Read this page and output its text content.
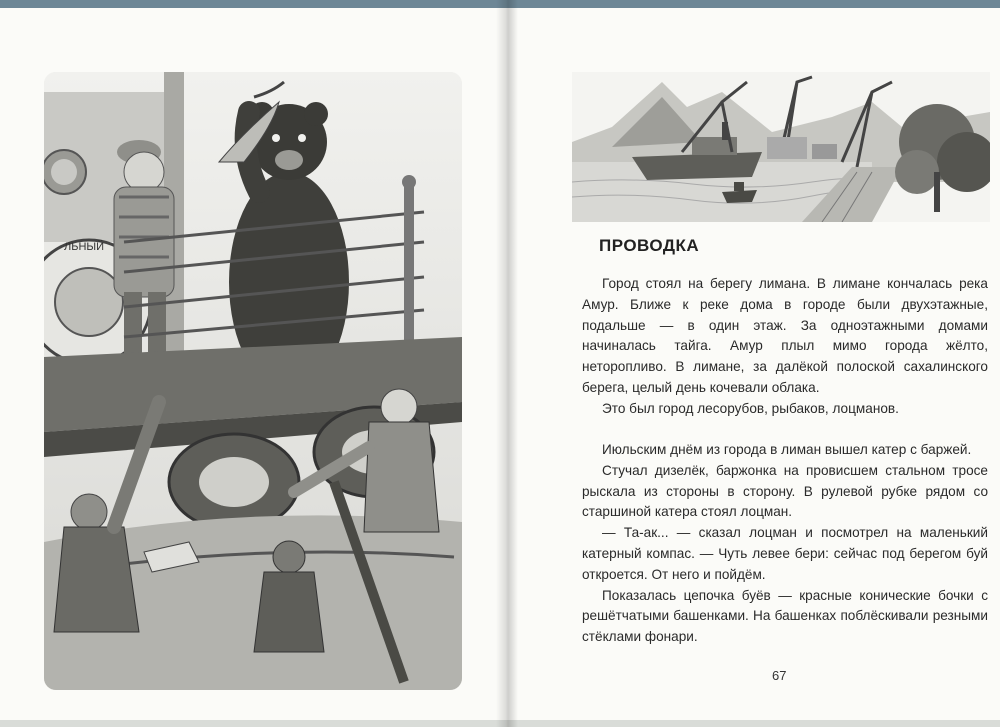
ЛЬНЫЙ	ПРОВОДКА

Город стоял на берегу лимана. В лимане кончалась река Амур. Ближе к реке дома в городе были двухэтажные, подальше — в один этаж. За одноэтажными домами начиналась тайга. Амур плыл мимо города жёлто, неторопливо. В лимане, за далёкой полоской сахалинского берега, целый день кочевали облака.

Это был город лесорубов, рыбаков, лоцманов.

Июльским днём из города в лиман вышел катер с баржей.

Стучал дизелёк, баржонка на провисшем стальном тросе рыскала из стороны в сторону. В рулевой рубке рядом со старшиной катера стоял лоцман.

— Та-ак... — сказал лоцман и посмотрел на маленький катерный компас. — Чуть левее бери: сейчас под берегом буй откроется. От него и пойдём.

Показалась цепочка буёв — красные конические бочки с решётчатыми башенками. На башенках поблёскивали резными стёклами фонари.

67
